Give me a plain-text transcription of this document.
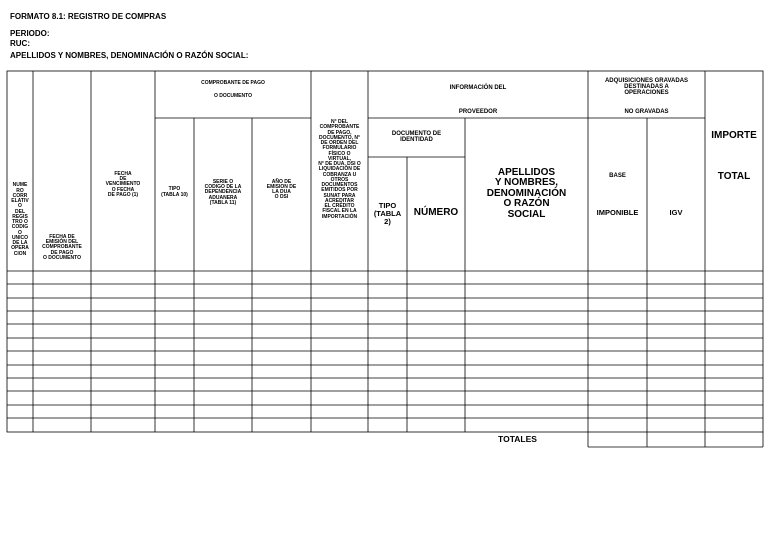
FORMATO 8.1: REGISTRO DE COMPRAS
PERIODO:
RUC:
APELLIDOS Y NOMBRES, DENOMINACIÓN O RAZÓN SOCIAL:
NUME
RO
CORR
ELATIV
O
DEL
REGIS
TRO O
CODIG
O
UNICO
DE LA
OPERA
CION
FECHA DE
EMISIÓN DEL
COMPROBANTE
DE PAGO
O DOCUMENTO
FECHA
DE
VENCIMIENTO
O FECHA
DE PAGO (1)
COMPROBANTE DE PAGO
O DOCUMENTO
TIPO
(TABLA 10)
SERIE O
CODIGO DE LA
DEPENDENCIA
ADUANERA
(TABLA 11)
AÑO DE
EMISION DE
LA DUA
O DSI
N° DEL
COMPROBANTE
DE PAGO,
DOCUMENTO, N°
DE ORDEN DEL
FORMULARIO
FÍSICO O
VIRTUAL,
N° DE DUA, DSI O
LIQUIDACIÓN DE
COBRANZA U
OTROS
DOCUMENTOS
EMITIDOS POR
SUNAT PARA
ACREDITAR
EL CRÉDITO
FISCAL EN LA
IMPORTACIÓN
INFORMACIÓN DEL
PROVEEDOR
DOCUMENTO DE
IDENTIDAD
TIPO
(TABLA
2)
NÚMERO
APELLIDOS
Y NOMBRES,
DENOMINACIÓN
O RAZÓN
SOCIAL
ADQUISICIONES GRAVADAS
DESTINADAS A
OPERACIONES
NO GRAVADAS
BASE
IMPONIBLE	IGV
IMPORTE
TOTAL
TOTALES
